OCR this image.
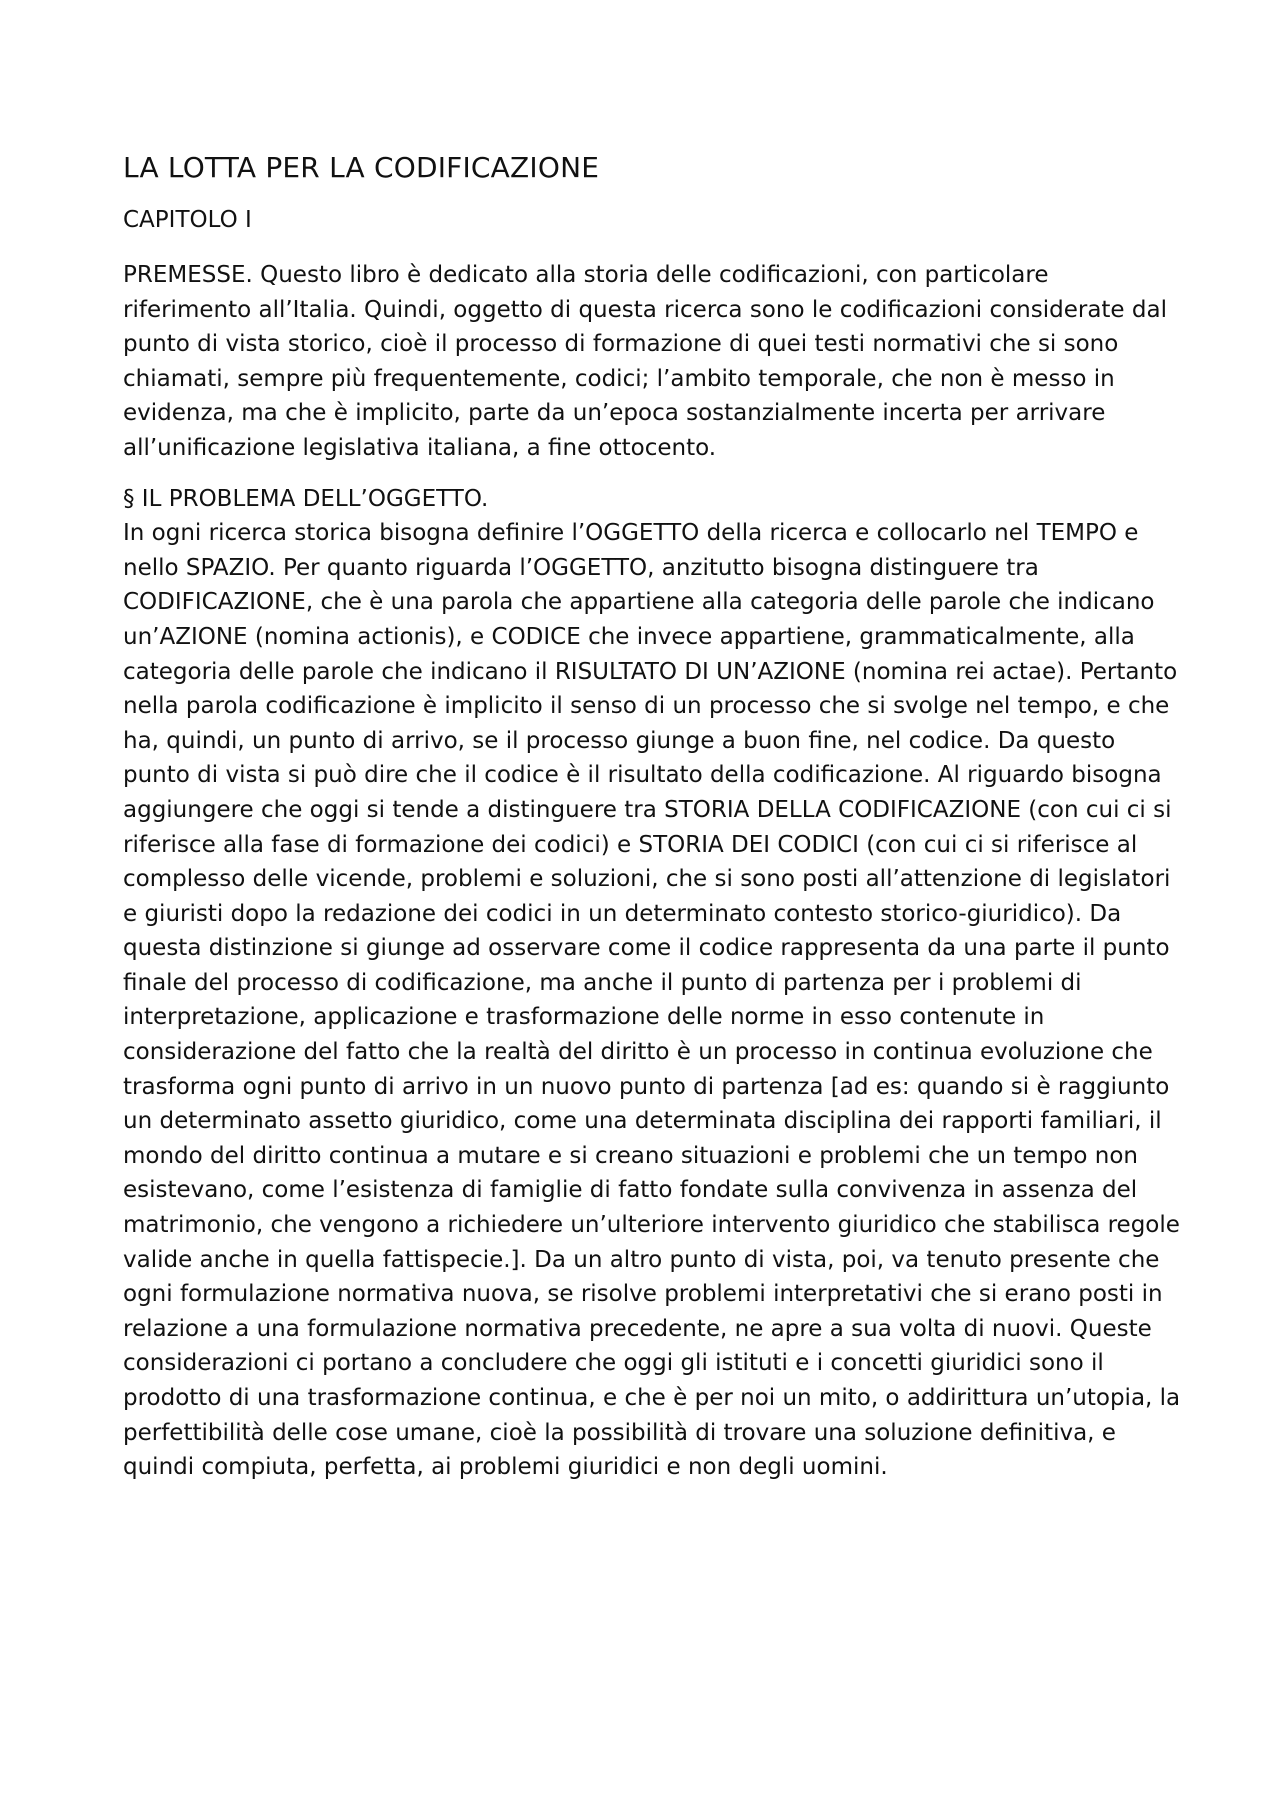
LA LOTTA PER LA CODIFICAZIONE
CAPITOLO I

PREMESSE. Questo libro è dedicato alla storia delle codificazioni, con particolare riferimento all’Italia. Quindi, oggetto di questa ricerca sono le codificazioni considerate dal punto di vista storico, cioè il processo di formazione di quei testi normativi che si sono chiamati, sempre più frequentemente, codici; l’ambito temporale, che non è messo in evidenza, ma che è implicito, parte da un’epoca sostanzialmente incerta per arrivare all’unificazione legislativa italiana, a fine ottocento.

§ IL PROBLEMA DELL’OGGETTO.

In ogni ricerca storica bisogna definire l’OGGETTO della ricerca e collocarlo nel TEMPO e nello SPAZIO. Per quanto riguarda l’OGGETTO, anzitutto bisogna distinguere tra CODIFICAZIONE, che è una parola che appartiene alla categoria delle parole che indicano un’AZIONE (nomina actionis), e CODICE che invece appartiene, grammaticalmente, alla categoria delle parole che indicano il RISULTATO DI UN’AZIONE (nomina rei actae). Pertanto nella parola codificazione è implicito il senso di un processo che si svolge nel tempo, e che ha, quindi, un punto di arrivo, se il processo giunge a buon fine, nel codice. Da questo punto di vista si può dire che il codice è il risultato della codificazione. Al riguardo bisogna aggiungere che oggi si tende a distinguere tra STORIA DELLA CODIFICAZIONE (con cui ci si riferisce alla fase di formazione dei codici) e STORIA DEI CODICI (con cui ci si riferisce al complesso delle vicende, problemi e soluzioni, che si sono posti all’attenzione di legislatori e giuristi dopo la redazione dei codici in un determinato contesto storico-giuridico). Da questa distinzione si giunge ad osservare come il codice rappresenta da una parte il punto finale del processo di codificazione, ma anche il punto di partenza per i problemi di interpretazione, applicazione e trasformazione delle norme in esso contenute in considerazione del fatto che la realtà del diritto è un processo in continua evoluzione che trasforma ogni punto di arrivo in un nuovo punto di partenza [ad es: quando si è raggiunto un determinato assetto giuridico, come una determinata disciplina dei rapporti familiari, il mondo del diritto continua a mutare e si creano situazioni e problemi che un tempo non esistevano, come l’esistenza di famiglie di fatto fondate sulla convivenza in assenza del matrimonio, che vengono a richiedere un’ulteriore intervento giuridico che stabilisca regole valide anche in quella fattispecie.]. Da un altro punto di vista, poi, va tenuto presente che ogni formulazione normativa nuova, se risolve problemi interpretativi che si erano posti in relazione a una formulazione normativa precedente, ne apre a sua volta di nuovi. Queste considerazioni ci portano a concludere che oggi gli istituti e i concetti giuridici sono il prodotto di una trasformazione continua, e che è per noi un mito, o addirittura un’utopia, la perfettibilità delle cose umane, cioè la possibilità di trovare una soluzione definitiva, e quindi compiuta, perfetta, ai problemi giuridici e non degli uomini.
